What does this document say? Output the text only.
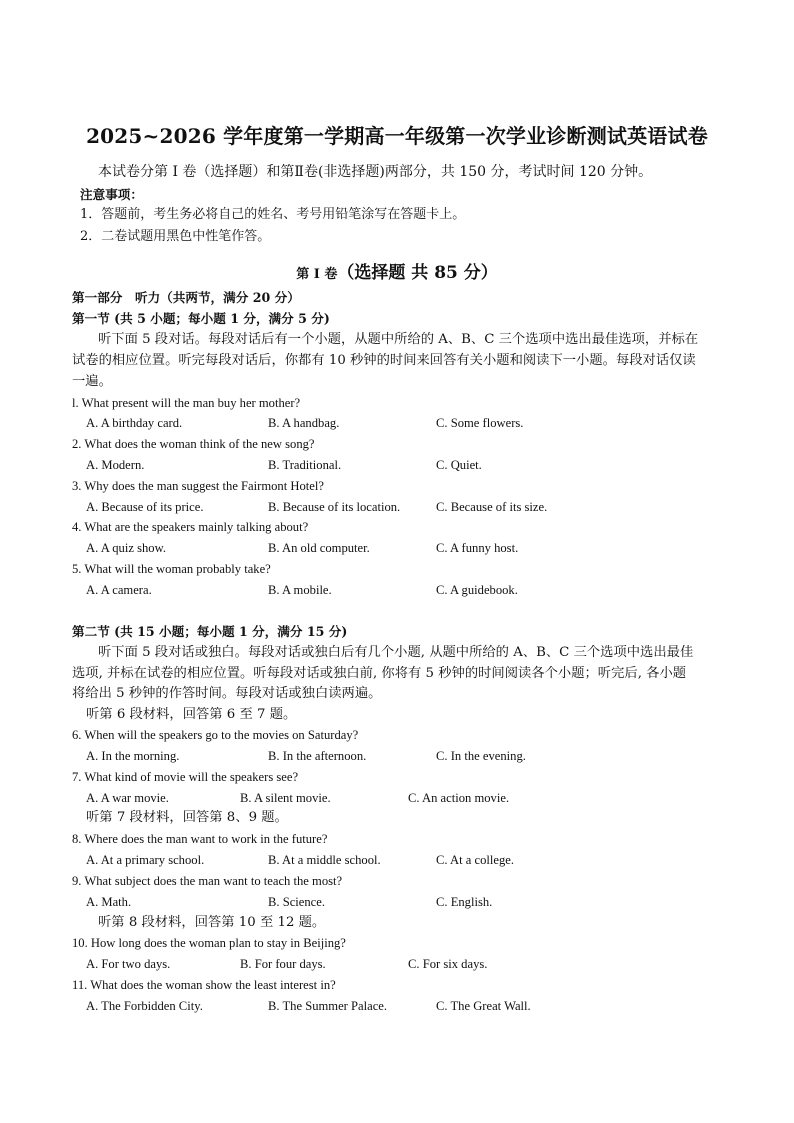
2025~2026 学年度第一学期高一年级第一次学业诊断测试英语试卷
本试卷分第 I 卷（选择题）和第Ⅱ卷(非选择题)两部分，共 150 分，考试时间 120 分钟。
注意事项：
1．答题前，考生务必将自己的姓名、考号用铅笔涂写在答题卡上。
2．二卷试题用黑色中性笔作答。
第 I 卷（选择题 共 85 分）
第一部分　听力（共两节，满分 20 分）
第一节 (共 5 小题；每小题 1 分，满分 5 分)
听下面 5 段对话。每段对话后有一个小题，从题中所给的 A、B、C 三个选项中选出最佳选项，并标在
试卷的相应位置。听完每段对话后，你都有 10 秒钟的时间来回答有关小题和阅读下一小题。每段对话仅读
一遍。
l. What present will the man buy her mother?
A. A birthday card.	B. A handbag.	C. Some flowers.
2. What does the woman think of the new song?
A. Modern.	B. Traditional.	C. Quiet.
3. Why does the man suggest the Fairmont Hotel?
A. Because of its price.	B. Because of its location.	C. Because of its size.
4. What are the speakers mainly talking about?
A. A quiz show.	B. An old computer.	C. A funny host.
5. What will the woman probably take?
A. A camera.	B. A mobile.	C. A guidebook.
第二节 (共 15 小题；每小题 1 分，满分 15 分)
听下面 5 段对话或独白。每段对话或独白后有几个小题, 从题中所给的 A、B、C 三个选项中选出最佳
选项, 并标在试卷的相应位置。听每段对话或独白前, 你将有 5 秒钟的时间阅读各个小题；听完后, 各小题
将给出 5 秒钟的作答时间。每段对话或独白读两遍。
听第 6 段材料，回答第 6 至 7 题。
6. When will the speakers go to the movies on Saturday?
A. In the morning.	B. In the afternoon.	C. In the evening.
7. What kind of movie will the speakers see?
A. A war movie.	B. A silent movie.	C. An action movie.
听第 7 段材料，回答第 8、9 题。
8. Where does the man want to work in the future?
A. At a primary school.	B. At a middle school.	C. At a college.
9. What subject does the man want to teach the most?
A. Math.	B. Science.	C. English.
听第 8 段材料，回答第 10 至 12 题。
10. How long does the woman plan to stay in Beijing?
A. For two days.	B. For four days.	C. For six days.
11. What does the woman show the least interest in?
A. The Forbidden City.	B. The Summer Palace.	C. The Great Wall.
